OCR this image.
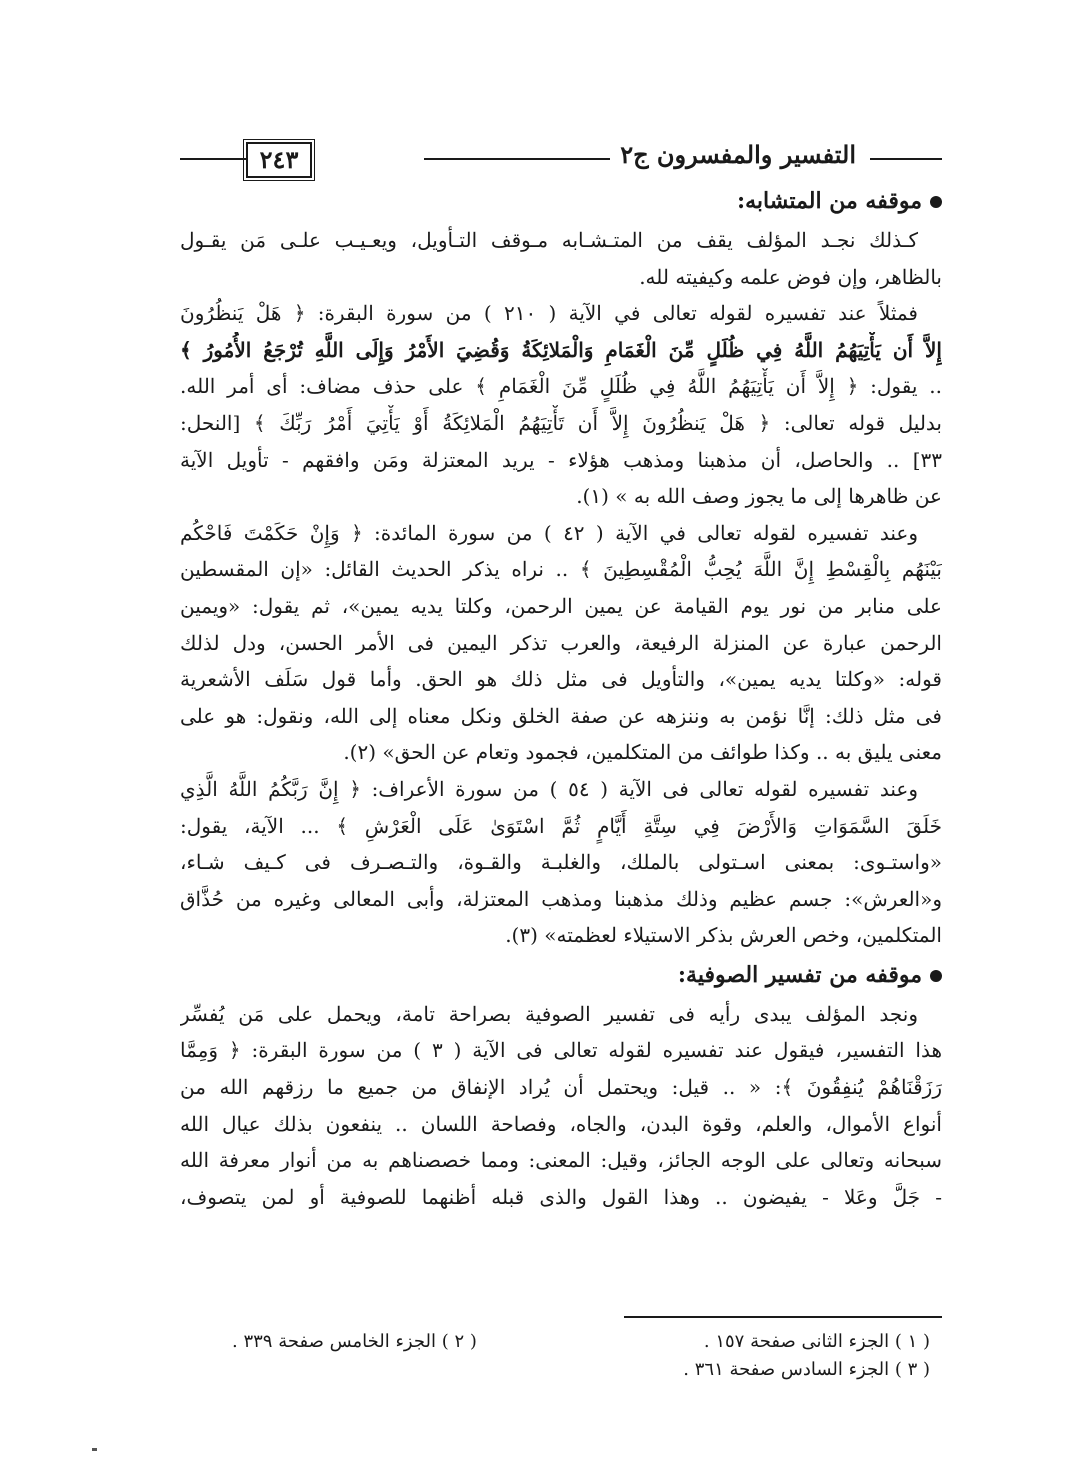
التفسير والمفسرون ج٢
٢٤٣
موقفه من المتشابه:
كـذلك نجـد المؤلف يقف من المتـشـابه مـوقف التـأويل، ويعـيـب علـى مَن يقـول
بالظاهر، وإن فوض علمه وكيفيته لله.
فمثلاً عند تفسيره لقوله تعالى في الآية ( ٢١٠ ) من سورة البقرة: ﴿ هَلْ يَنظُرُونَ
إِلاَّ أَن يَأْتِيَهُمُ اللَّهُ فِي ظُلَلٍ مِّنَ الْغَمَامِ وَالْمَلائِكَةُ وَقُضِيَ الأَمْرُ وَإِلَى اللَّهِ تُرْجَعُ الأُمُورُ ﴾
.. يقول: ﴿ إِلاَّ أَن يَأْتِيَهُمُ اللَّهُ فِي ظُلَلٍ مِّنَ الْغَمَامِ ﴾ على حذف مضاف: أى أمر الله.
بدليل قوله تعالى: ﴿ هَلْ يَنظُرُونَ إِلاَّ أَن تَأْتِيَهُمُ الْمَلائِكَةُ أَوْ يَأْتِيَ أَمْرُ رَبِّكَ ﴾ [النحل:
٣٣] .. والحاصل، أن مذهبنا ومذهب هؤلاء - يريد المعتزلة ومَن وافقهم - تأويل الآية
عن ظاهرها إلى ما يجوز وصف الله به » (١).
وعند تفسيره لقوله تعالى في الآية ( ٤٢ ) من سورة المائدة: ﴿ وَإِنْ حَكَمْتَ فَاحْكُم
بَيْنَهُم بِالْقِسْطِ إِنَّ اللَّهَ يُحِبُّ الْمُقْسِطِينَ ﴾ .. نراه يذكر الحديث القائل: «إن المقسطين
على منابر من نور يوم القيامة عن يمين الرحمن، وكلتا يديه يمين»، ثم يقول: «ويمين
الرحمن عبارة عن المنزلة الرفيعة، والعرب تذكر اليمين فى الأمر الحسن، ودل لذلك
قوله: «وكلتا يديه يمين»، والتأويل فى مثل ذلك هو الحق. وأما قول سَلَف الأشعرية
فى مثل ذلك: إنَّا نؤمن به وننزهه عن صفة الخلق ونكل معناه إلى الله، ونقول: هو على
معنى يليق به .. وكذا طوائف من المتكلمين، فجمود وتعام عن الحق» (٢).
وعند تفسيره لقوله تعالى فى الآية ( ٥٤ ) من سورة الأعراف: ﴿ إِنَّ رَبَّكُمُ اللَّهُ الَّذِي
خَلَقَ السَّمَوَاتِ وَالأَرْضَ فِي سِتَّةِ أَيَّامٍ ثُمَّ اسْتَوَىٰ عَلَى الْعَرْشِ ﴾ ... الآية، يقول:
«واستـوى: بمعنى اسـتولى بالملك، والغلبـة والقـوة، والتـصـرف فى كـيف شـاء،
و«العرش»: جسم عظيم وذلك مذهبنا ومذهب المعتزلة، وأبى المعالى وغيره من حُذَّاق
المتكلمين، وخص العرش بذكر الاستيلاء لعظمته» (٣).
موقفه من تفسير الصوفية:
ونجد المؤلف يبدى رأيه فى تفسير الصوفية بصراحة تامة، ويحمل على مَن يُفسِّر
هذا التفسير، فيقول عند تفسيره لقوله تعالى فى الآية ( ٣ ) من سورة البقرة: ﴿ وَمِمَّا
رَزَقْنَاهُمْ يُنفِقُونَ ﴾: « .. قيل: ويحتمل أن يُراد الإنفاق من جميع ما رزقهم الله من
أنواع الأموال، والعلم، وقوة البدن، والجاه، وفصاحة اللسان .. ينفعون بذلك عيال الله
سبحانه وتعالى على الوجه الجائز، وقيل: المعنى: ومما خصصناهم به من أنوار معرفة الله
- جَلَّ وعَلا - يفيضون .. وهذا القول والذى قبله أظنهما للصوفية أو لمن يتصوف،
( ١ ) الجزء الثانى صفحة ١٥٧ .
( ٢ ) الجزء الخامس صفحة ٣٣٩ .
( ٣ ) الجزء السادس صفحة ٣٦١ .
